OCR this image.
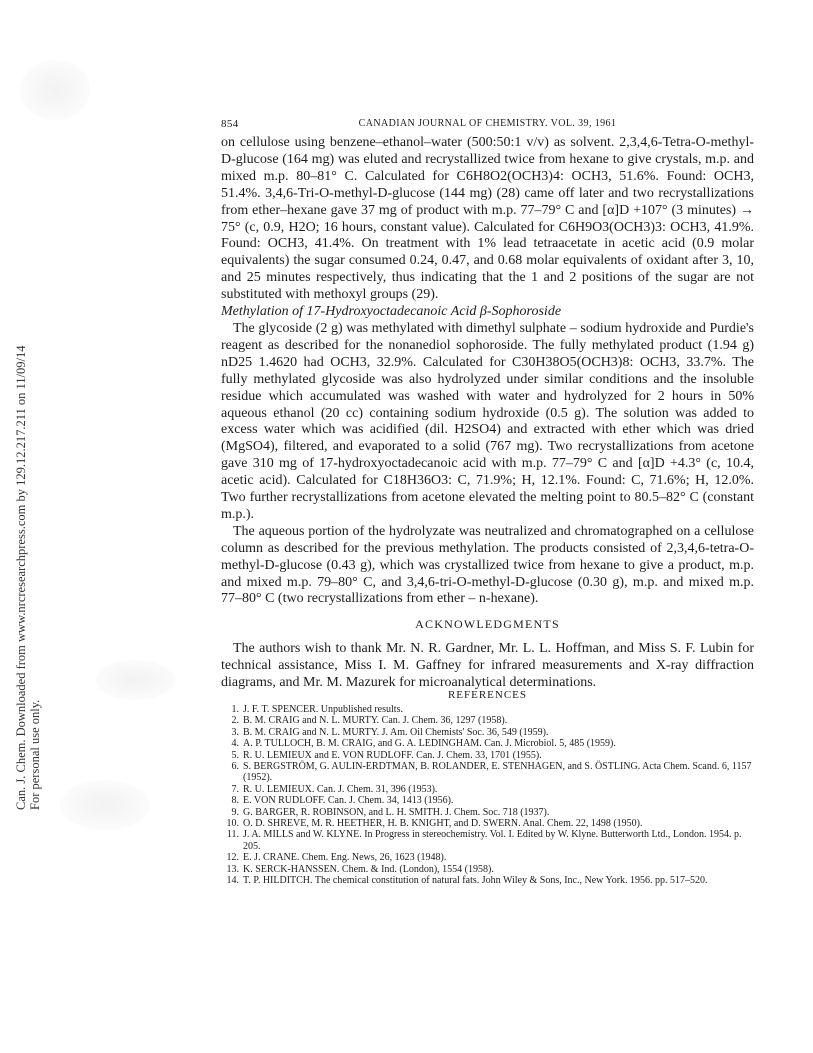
Can. J. Chem. Downloaded from www.nrcresearchpress.com by 129.12.217.211 on 11/09/14 For personal use only.
854	CANADIAN JOURNAL OF CHEMISTRY. VOL. 39, 1961

on cellulose using benzene–ethanol–water (500:50:1 v/v) as solvent. 2,3,4,6-Tetra-O-methyl-D-glucose (164 mg) was eluted and recrystallized twice from hexane to give crystals, m.p. and mixed m.p. 80–81° C. Calculated for C6H8O2(OCH3)4: OCH3, 51.6%. Found: OCH3, 51.4%. 3,4,6-Tri-O-methyl-D-glucose (144 mg) (28) came off later and two recrystallizations from ether–hexane gave 37 mg of product with m.p. 77–79° C and [α]D +107° (3 minutes) → 75° (c, 0.9, H2O; 16 hours, constant value). Calculated for C6H9O3(OCH3)3: OCH3, 41.9%. Found: OCH3, 41.4%. On treatment with 1% lead tetraacetate in acetic acid (0.9 molar equivalents) the sugar consumed 0.24, 0.47, and 0.68 molar equivalents of oxidant after 3, 10, and 25 minutes respectively, thus indicating that the 1 and 2 positions of the sugar are not substituted with methoxyl groups (29).

Methylation of 17-Hydroxyoctadecanoic Acid β-Sophoroside

The glycoside (2 g) was methylated with dimethyl sulphate – sodium hydroxide and Purdie's reagent as described for the nonanediol sophoroside. The fully methylated product (1.94 g) nD25 1.4620 had OCH3, 32.9%. Calculated for C30H38O5(OCH3)8: OCH3, 33.7%. The fully methylated glycoside was also hydrolyzed under similar conditions and the insoluble residue which accumulated was washed with water and hydrolyzed for 2 hours in 50% aqueous ethanol (20 cc) containing sodium hydroxide (0.5 g). The solution was added to excess water which was acidified (dil. H2SO4) and extracted with ether which was dried (MgSO4), filtered, and evaporated to a solid (767 mg). Two recrystallizations from acetone gave 310 mg of 17-hydroxyoctadecanoic acid with m.p. 77–79° C and [α]D +4.3° (c, 10.4, acetic acid). Calculated for C18H36O3: C, 71.9%; H, 12.1%. Found: C, 71.6%; H, 12.0%. Two further recrystallizations from acetone elevated the melting point to 80.5–82° C (constant m.p.).

The aqueous portion of the hydrolyzate was neutralized and chromatographed on a cellulose column as described for the previous methylation. The products consisted of 2,3,4,6-tetra-O-methyl-D-glucose (0.43 g), which was crystallized twice from hexane to give a product, m.p. and mixed m.p. 79–80° C, and 3,4,6-tri-O-methyl-D-glucose (0.30 g), m.p. and mixed m.p. 77–80° C (two recrystallizations from ether – n-hexane).

ACKNOWLEDGMENTS

The authors wish to thank Mr. N. R. Gardner, Mr. L. L. Hoffman, and Miss S. F. Lubin for technical assistance, Miss I. M. Gaffney for infrared measurements and X-ray diffraction diagrams, and Mr. M. Mazurek for microanalytical determinations.

REFERENCES
1. J. F. T. SPENCER. Unpublished results.
2. B. M. CRAIG and N. L. MURTY. Can. J. Chem. 36, 1297 (1958).
3. B. M. CRAIG and N. L. MURTY. J. Am. Oil Chemists' Soc. 36, 549 (1959).
4. A. P. TULLOCH, B. M. CRAIG, and G. A. LEDINGHAM. Can. J. Microbiol. 5, 485 (1959).
5. R. U. LEMIEUX and E. VON RUDLOFF. Can. J. Chem. 33, 1701 (1955).
6. S. BERGSTRÖM, G. AULIN-ERDTMAN, B. ROLANDER, E. STENHAGEN, and S. ÖSTLING. Acta Chem. Scand. 6, 1157 (1952).
7. R. U. LEMIEUX. Can. J. Chem. 31, 396 (1953).
8. E. VON RUDLOFF. Can. J. Chem. 34, 1413 (1956).
9. G. BARGER, R. ROBINSON, and L. H. SMITH. J. Chem. Soc. 718 (1937).
10. O. D. SHREVE, M. R. HEETHER, H. B. KNIGHT, and D. SWERN. Anal. Chem. 22, 1498 (1950).
11. J. A. MILLS and W. KLYNE. In Progress in stereochemistry. Vol. I. Edited by W. Klyne. Butterworth Ltd., London. 1954. p. 205.
12. E. J. CRANE. Chem. Eng. News, 26, 1623 (1948).
13. K. SERCK-HANSSEN. Chem. & Ind. (London), 1554 (1958).
14. T. P. HILDITCH. The chemical constitution of natural fats. John Wiley & Sons, Inc., New York. 1956. pp. 517–520.
